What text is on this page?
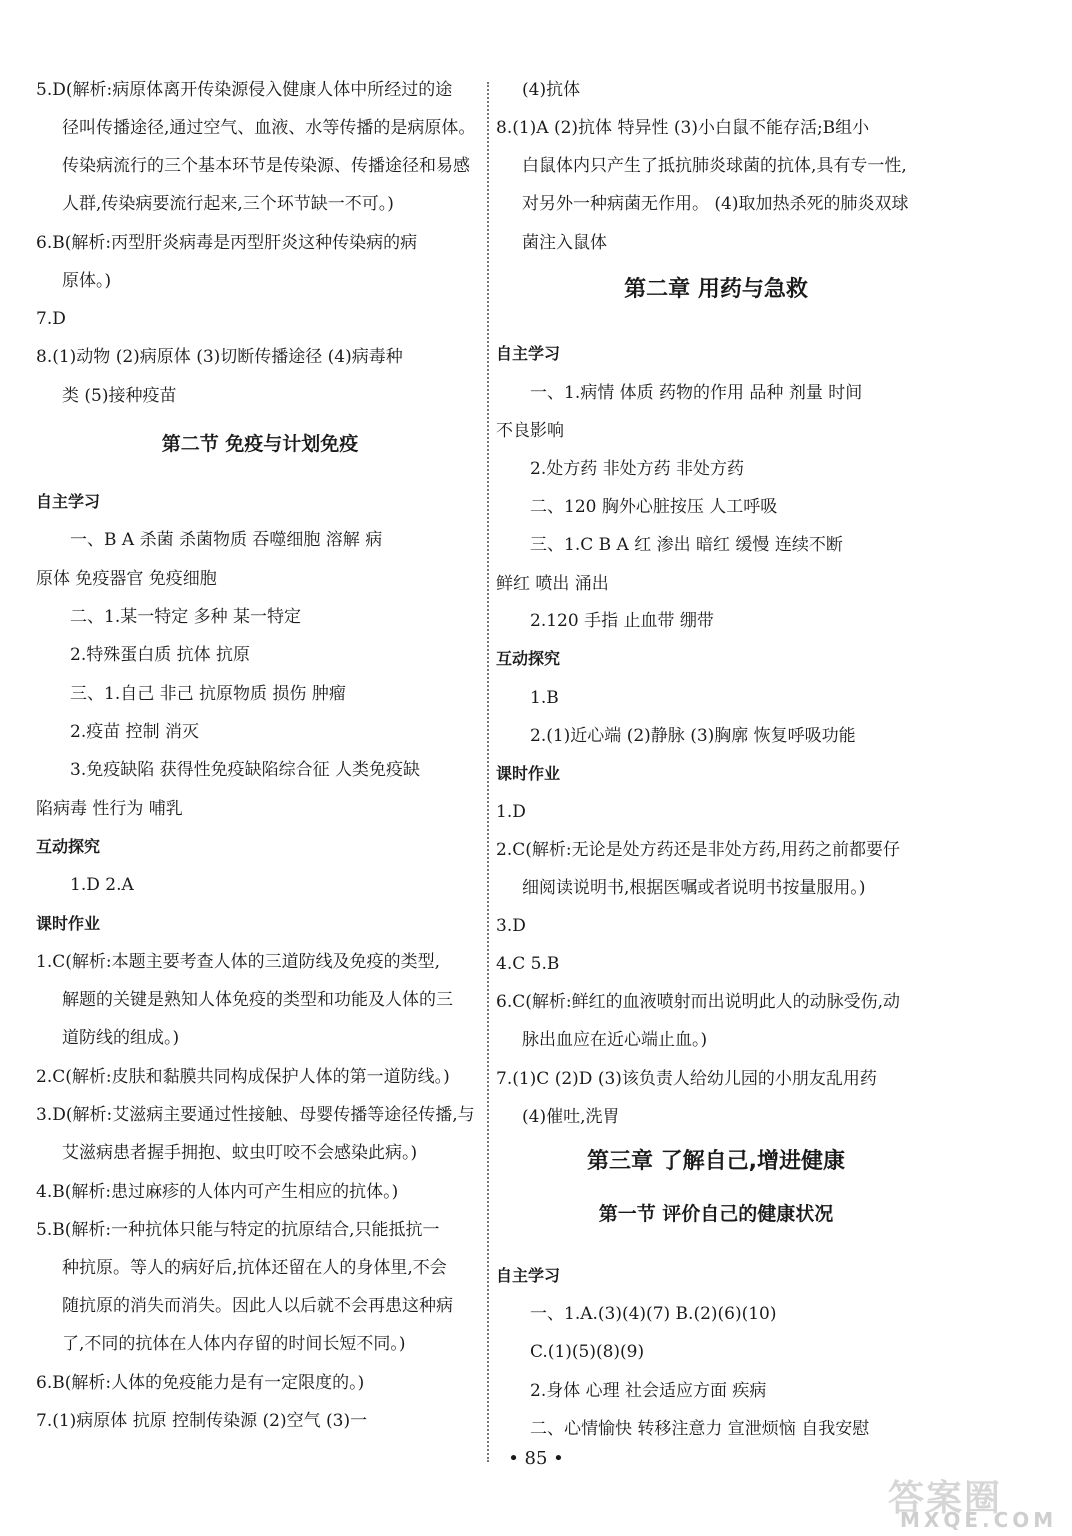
5.D(解析:病原体离开传染源侵入健康人体中所经过的途
径叫传播途径,通过空气、血液、水等传播的是病原体。
传染病流行的三个基本环节是传染源、传播途径和易感
人群,传染病要流行起来,三个环节缺一不可。)
6.B(解析:丙型肝炎病毒是丙型肝炎这种传染病的病
原体。)
7.D
8.(1)动物 (2)病原体 (3)切断传播途径 (4)病毒种
类 (5)接种疫苗
第二节 免疫与计划免疫
自主学习
一、B A 杀菌 杀菌物质 吞噬细胞 溶解 病
原体 免疫器官 免疫细胞
二、1.某一特定 多种 某一特定
2.特殊蛋白质 抗体 抗原
三、1.自己 非己 抗原物质 损伤 肿瘤
2.疫苗 控制 消灭
3.免疫缺陷 获得性免疫缺陷综合征 人类免疫缺
陷病毒 性行为 哺乳
互动探究
1.D 2.A
课时作业
1.C(解析:本题主要考查人体的三道防线及免疫的类型,
解题的关键是熟知人体免疫的类型和功能及人体的三
道防线的组成。)
2.C(解析:皮肤和黏膜共同构成保护人体的第一道防线。)
3.D(解析:艾滋病主要通过性接触、母婴传播等途径传播,与
艾滋病患者握手拥抱、蚊虫叮咬不会感染此病。)
4.B(解析:患过麻疹的人体内可产生相应的抗体。)
5.B(解析:一种抗体只能与特定的抗原结合,只能抵抗一
种抗原。等人的病好后,抗体还留在人的身体里,不会
随抗原的消失而消失。因此人以后就不会再患这种病
了,不同的抗体在人体内存留的时间长短不同。)
6.B(解析:人体的免疫能力是有一定限度的。)
7.(1)病原体 抗原 控制传染源 (2)空气 (3)一
(4)抗体
8.(1)A (2)抗体 特异性 (3)小白鼠不能存活;B组小
白鼠体内只产生了抵抗肺炎球菌的抗体,具有专一性,
对另外一种病菌无作用。 (4)取加热杀死的肺炎双球
菌注入鼠体
第二章 用药与急救
自主学习
一、1.病情 体质 药物的作用 品种 剂量 时间
不良影响
2.处方药 非处方药 非处方药
二、120 胸外心脏按压 人工呼吸
三、1.C B A 红 渗出 暗红 缓慢 连续不断
鲜红 喷出 涌出
2.120 手指 止血带 绷带
互动探究
1.B
2.(1)近心端 (2)静脉 (3)胸廓 恢复呼吸功能
课时作业
1.D
2.C(解析:无论是处方药还是非处方药,用药之前都要仔
细阅读说明书,根据医嘱或者说明书按量服用。)
3.D
4.C 5.B
6.C(解析:鲜红的血液喷射而出说明此人的动脉受伤,动
脉出血应在近心端止血。)
7.(1)C (2)D (3)该负责人给幼儿园的小朋友乱用药
(4)催吐,洗胃
第三章 了解自己,增进健康
第一节 评价自己的健康状况
自主学习
一、1.A.(3)(4)(7) B.(2)(6)(10)
C.(1)(5)(8)(9)
2.身体 心理 社会适应方面 疾病
二、心情愉快 转移注意力 宣泄烦恼 自我安慰
• 85 •
答案圈
MXQE.COM
